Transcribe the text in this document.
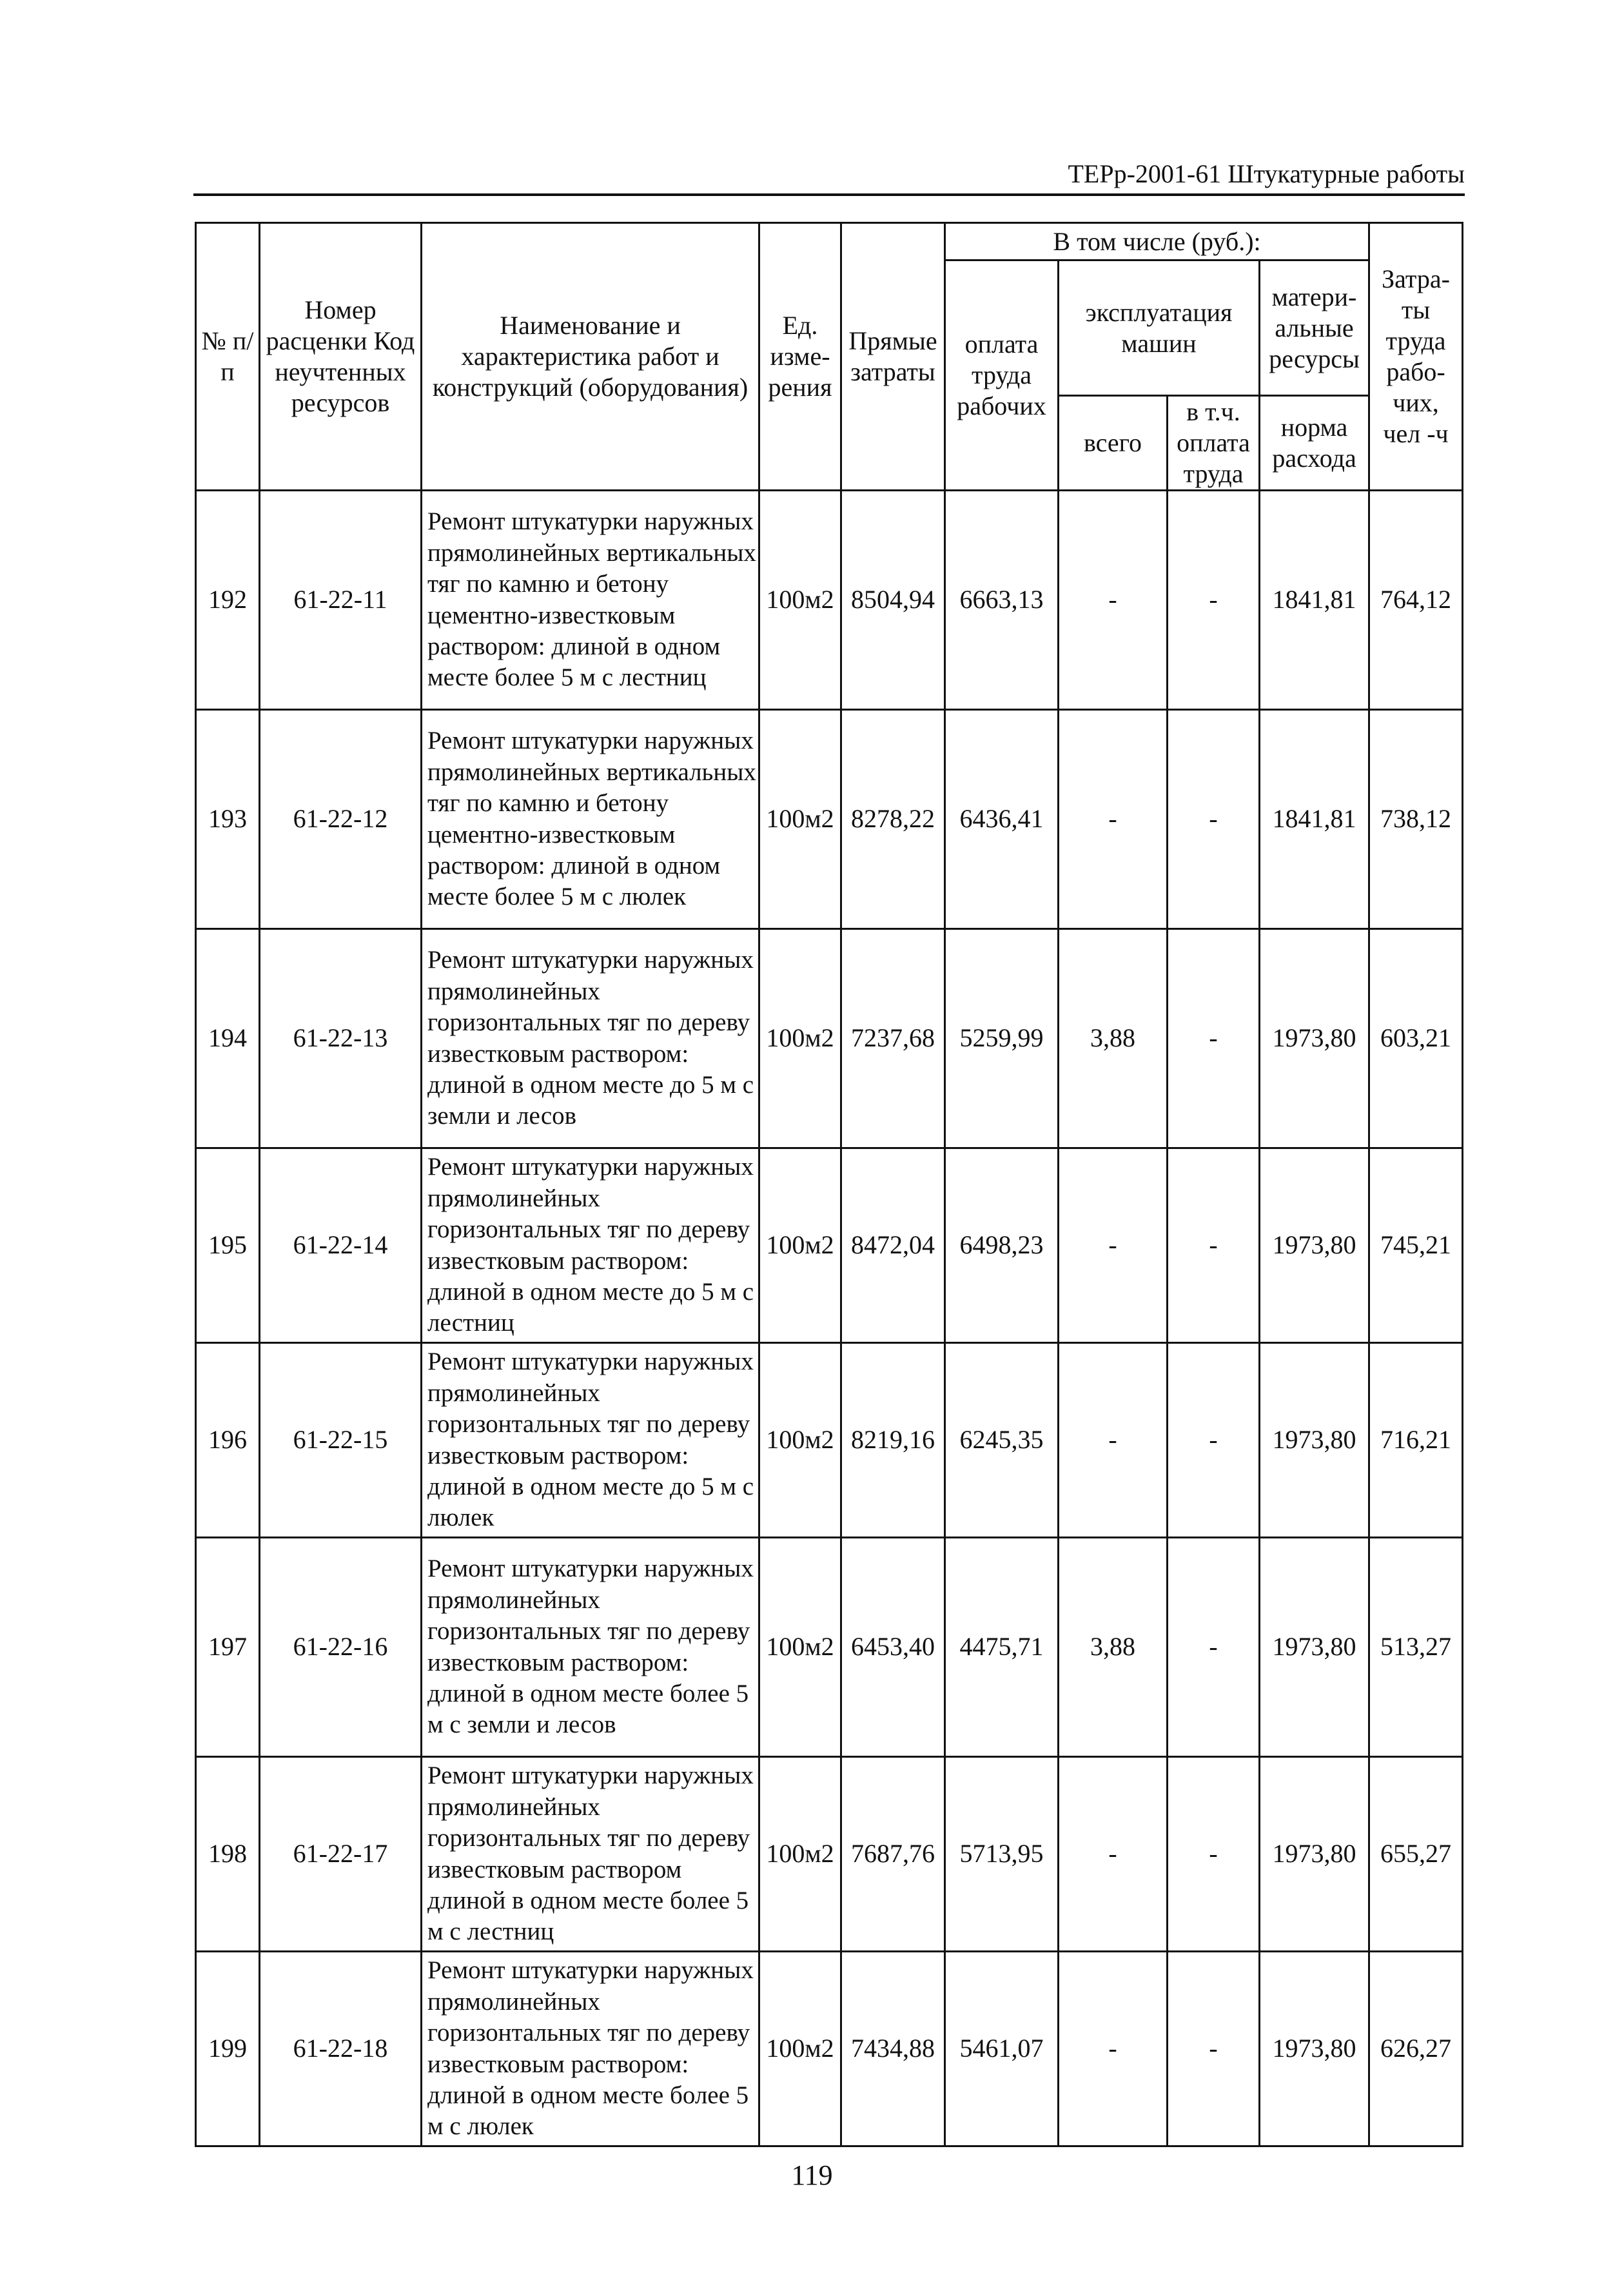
ТЕРр-2001-61 Штукатурные работы
№ п/п	Номер расценки Код неучтенных ресурсов	Наименование и характеристика работ и конструкций (оборудования)	Ед. изме-рения	Прямые затраты	В том числе (руб.):				Затра-ты труда рабо-чих, чел -ч
					оплата труда рабочих	эксплуатация машин		матери-альные ресурсы	
						всего	в т.ч. оплата труда	норма расхода	
192	61-22-11	Ремонт штукатурки наружных прямолинейных вертикальных тяг по камню и бетону цементно-известковым раствором: длиной в одном месте более 5 м с лестниц	100м2	8504,94	6663,13	-	-	1841,81	764,12
193	61-22-12	Ремонт штукатурки наружных прямолинейных вертикальных тяг по камню и бетону цементно-известковым раствором: длиной в одном месте более 5 м с люлек	100м2	8278,22	6436,41	-	-	1841,81	738,12
194	61-22-13	Ремонт штукатурки наружных прямолинейных горизонтальных тяг по дереву известковым раствором: длиной в одном месте до 5 м с земли и лесов	100м2	7237,68	5259,99	3,88	-	1973,80	603,21
195	61-22-14	Ремонт штукатурки наружных прямолинейных горизонтальных тяг по дереву известковым раствором: длиной в одном месте до 5 м с лестниц	100м2	8472,04	6498,23	-	-	1973,80	745,21
196	61-22-15	Ремонт штукатурки наружных прямолинейных горизонтальных тяг по дереву известковым раствором: длиной в одном месте до 5 м с люлек	100м2	8219,16	6245,35	-	-	1973,80	716,21
197	61-22-16	Ремонт штукатурки наружных прямолинейных горизонтальных тяг по дереву известковым раствором: длиной в одном месте более 5 м с земли и лесов	100м2	6453,40	4475,71	3,88	-	1973,80	513,27
198	61-22-17	Ремонт штукатурки наружных прямолинейных горизонтальных тяг по дереву известковым раствором длиной в одном месте более 5 м с лестниц	100м2	7687,76	5713,95	-	-	1973,80	655,27
199	61-22-18	Ремонт штукатурки наружных прямолинейных горизонтальных тяг по дереву известковым раствором: длиной в одном месте более 5 м с люлек	100м2	7434,88	5461,07	-	-	1973,80	626,27
119
